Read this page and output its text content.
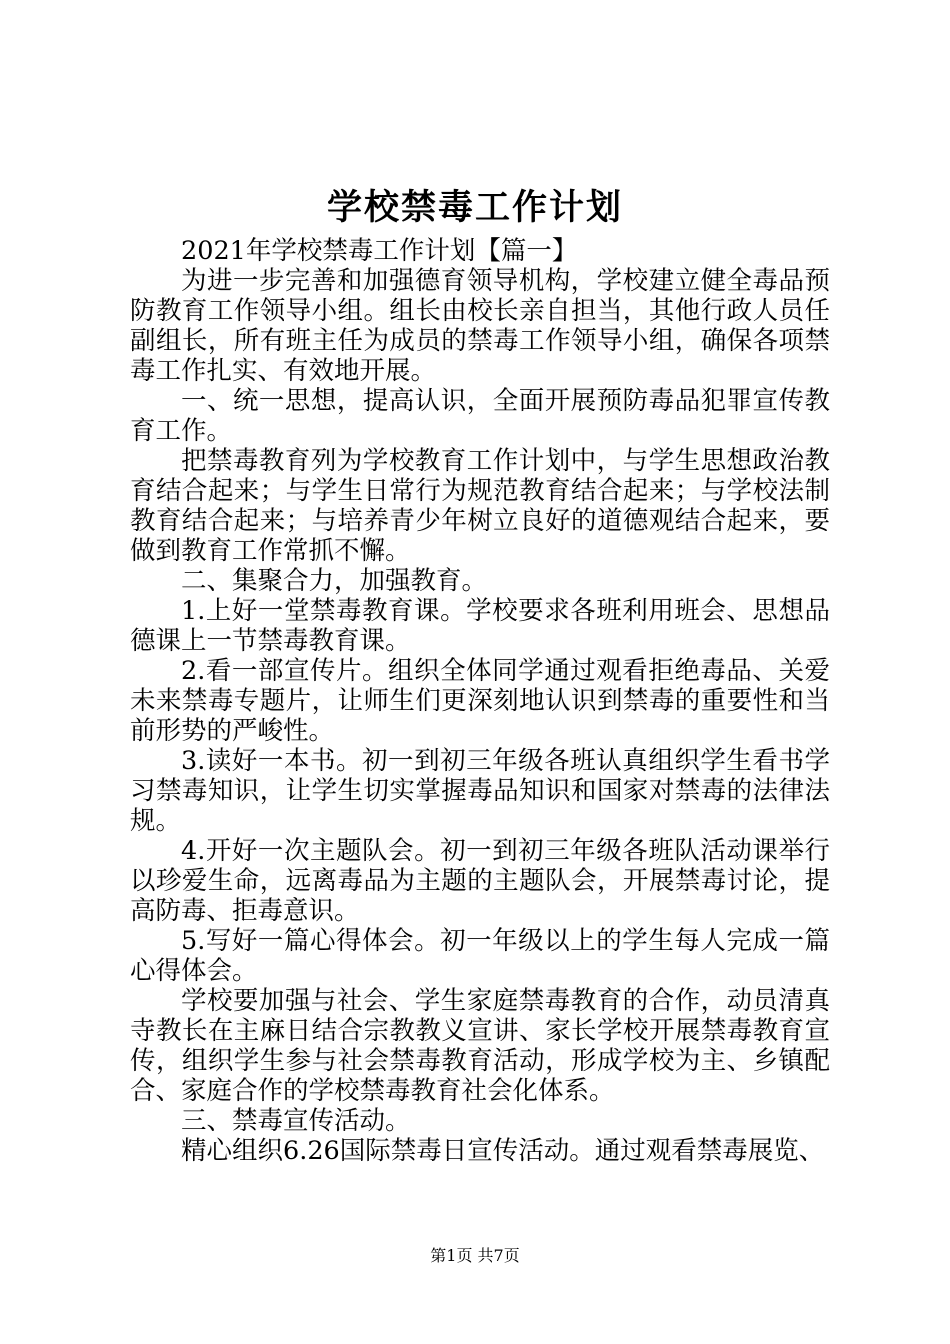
学校禁毒工作计划

2021年学校禁毒工作计划【篇一】

为进一步完善和加强德育领导机构，学校建立健全毒品预防教育工作领导小组。组长由校长亲自担当，其他行政人员任副组长，所有班主任为成员的禁毒工作领导小组，确保各项禁毒工作扎实、有效地开展。

一、统一思想，提高认识，全面开展预防毒品犯罪宣传教育工作。

把禁毒教育列为学校教育工作计划中，与学生思想政治教育结合起来；与学生日常行为规范教育结合起来；与学校法制教育结合起来；与培养青少年树立良好的道德观结合起来，要做到教育工作常抓不懈。

二、集聚合力，加强教育。

1.上好一堂禁毒教育课。学校要求各班利用班会、思想品德课上一节禁毒教育课。

2.看一部宣传片。组织全体同学通过观看拒绝毒品、关爱未来禁毒专题片，让师生们更深刻地认识到禁毒的重要性和当前形势的严峻性。

3.读好一本书。初一到初三年级各班认真组织学生看书学习禁毒知识，让学生切实掌握毒品知识和国家对禁毒的法律法规。

4.开好一次主题队会。初一到初三年级各班队活动课举行以珍爱生命，远离毒品为主题的主题队会，开展禁毒讨论，提高防毒、拒毒意识。

5.写好一篇心得体会。初一年级以上的学生每人完成一篇心得体会。

学校要加强与社会、学生家庭禁毒教育的合作，动员清真寺教长在主麻日结合宗教教义宣讲、家长学校开展禁毒教育宣传，组织学生参与社会禁毒教育活动，形成学校为主、乡镇配合、家庭合作的学校禁毒教育社会化体系。

三、禁毒宣传活动。

精心组织6.26国际禁毒日宣传活动。通过观看禁毒展览、

第1页 共7页
